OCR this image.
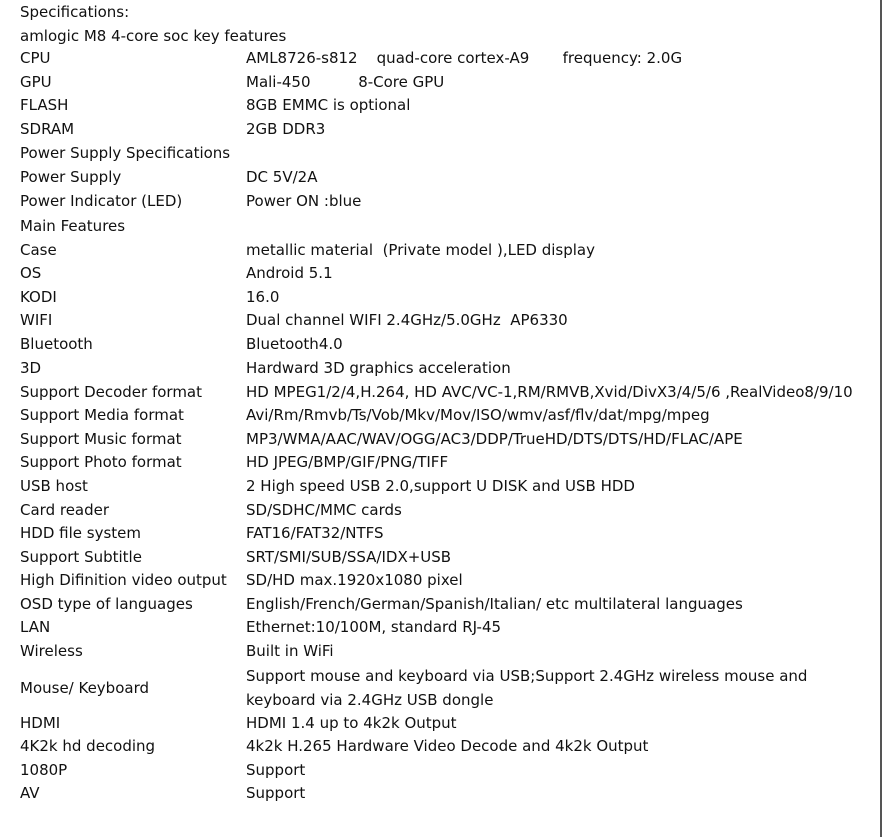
Specifications:
amlogic M8 4-core soc key features
CPU	AML8726-s812    quad-core cortex-A9       frequency: 2.0G
GPU	Mali-450          8-Core GPU
FLASH	8GB EMMC is optional
SDRAM	2GB DDR3
Power Supply Specifications	
Power Supply	DC 5V/2A
Power Indicator (LED)	Power ON :blue
Main Features	
Case	metallic material  (Private model ),LED display
OS	Android 5.1
KODI	16.0
WIFI	Dual channel WIFI 2.4GHz/5.0GHz  AP6330
Bluetooth	Bluetooth4.0
3D	Hardward 3D graphics acceleration
Support Decoder format	HD MPEG1/2/4,H.264, HD AVC/VC-1,RM/RMVB,Xvid/DivX3/4/5/6 ,RealVideo8/9/10
Support Media format	Avi/Rm/Rmvb/Ts/Vob/Mkv/Mov/ISO/wmv/asf/flv/dat/mpg/mpeg
Support Music format	MP3/WMA/AAC/WAV/OGG/AC3/DDP/TrueHD/DTS/DTS/HD/FLAC/APE
Support Photo format	HD JPEG/BMP/GIF/PNG/TIFF
USB host	2 High speed USB 2.0,support U DISK and USB HDD
Card reader	SD/SDHC/MMC cards
HDD file system	FAT16/FAT32/NTFS
Support Subtitle	SRT/SMI/SUB/SSA/IDX+USB
High Difinition video output	SD/HD max.1920x1080 pixel
OSD type of languages	English/French/German/Spanish/Italian/ etc multilateral languages
LAN	Ethernet:10/100M, standard RJ-45
Wireless	Built in WiFi
Mouse/ Keyboard	Support mouse and keyboard via USB;Support 2.4GHz wireless mouse and keyboard via 2.4GHz USB dongle
HDMI	HDMI 1.4 up to 4k2k Output
4K2k hd decoding	4k2k H.265 Hardware Video Decode and 4k2k Output
1080P	Support
AV	Support
